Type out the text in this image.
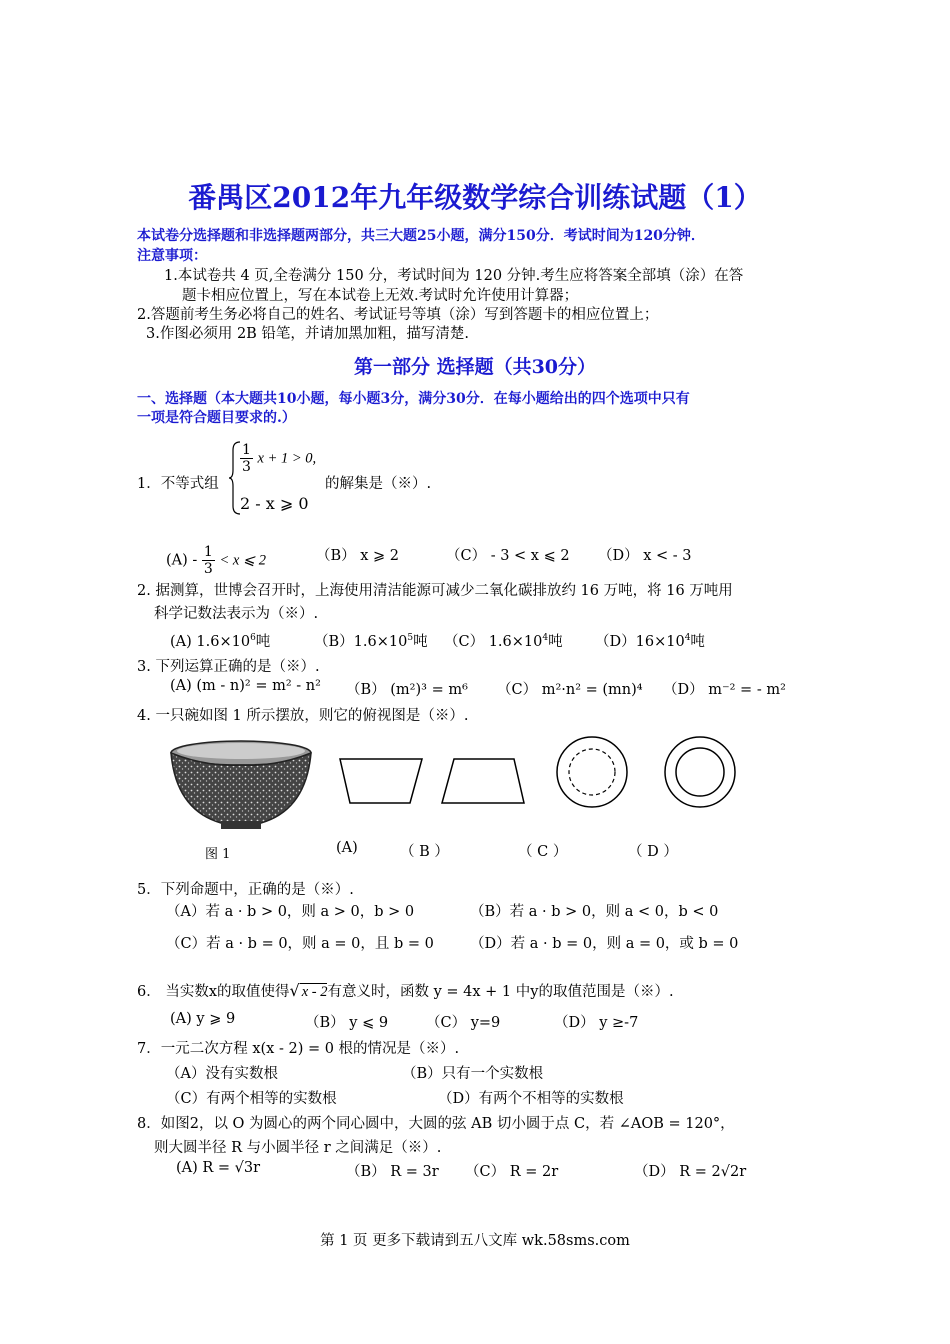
番禺区2012年九年级数学综合训练试题（1）
本试卷分选择题和非选择题两部分，共三大题25小题，满分150分．考试时间为120分钟．
注意事项：
1.本试卷共 4 页,全卷满分 150 分，考试时间为 120 分钟.考生应将答案全部填（涂）在答
题卡相应位置上，写在本试卷上无效.考试时允许使用计算器；
2.答题前考生务必将自己的姓名、考试证号等填（涂）写到答题卡的相应位置上；
3.作图必须用 2B 铅笔，并请加黑加粗，描写清楚.
第一部分 选择题（共30分）
一、选择题（本大题共10小题，每小题3分，满分30分．在每小题给出的四个选项中只有
一项是符合题目要求的.）
1．不等式组
$\frac{1}{3}$ x + 1 > 0,
2 - x ⩾ 0
的解集是（※）.
$(A) - \frac{1}{3} < x$ ⩽ 2	（B） x ⩾ 2	（C） - 3 < x ⩽ 2 （D） x < - 3
2. 据测算，世博会召开时，上海使用清洁能源可减少二氧化碳排放约 16 万吨，将 16 万吨用
科学记数法表示为（※）.
(A) $1.6\times 10^6$吨	$(B)1.6\times 10^5$吨 （C） $1.6\times 10^4$吨 $(D)16\times 10^4$吨
3. 下列运算正确的是（※）.
(A) (m - n)² = m² - n² （B） (m²)³ = m⁶ （C） m²·n² = (mn)⁴ （D） m⁻² = - m²
4. 一只碗如图 1 所示摆放，则它的俯视图是（※）.
图 1	(A)	（ B ）	（ C ）	（ D ）
5．下列命题中，正确的是（※）.
（A）若 a · b > 0，则 a > 0，b > 0	（B）若 a · b > 0，则 a < 0，b < 0
（C）若 a · b = 0，则 a = 0，且 b = 0 （D）若 a · b = 0，则 a = 0，或 b = 0
6． 当实数x的取值使得√ x - 2有意义时，函数 y = 4x + 1 中y的取值范围是（※）.
(A) y ⩾ 9	（B） y ⩽ 9	（C） y=9	（D） y ≥-7
7．一元二次方程 x(x - 2) = 0 根的情况是（※）.
（A）没有实数根	（B）只有一个实数根
（C）有两个相等的实数根	（D）有两个不相等的实数根
8．如图2，以 O 为圆心的两个同心圆中，大圆的弦 AB 切小圆于点 C，若 ∠AOB = 120°，
则大圆半径 R 与小圆半径 r 之间满足（※）.
(A) R = √3r	（B） R = 3r （C） R = 2r	（D） R = 2√2r
第 1 页 更多下载请到五八文库 wk.58sms.com
